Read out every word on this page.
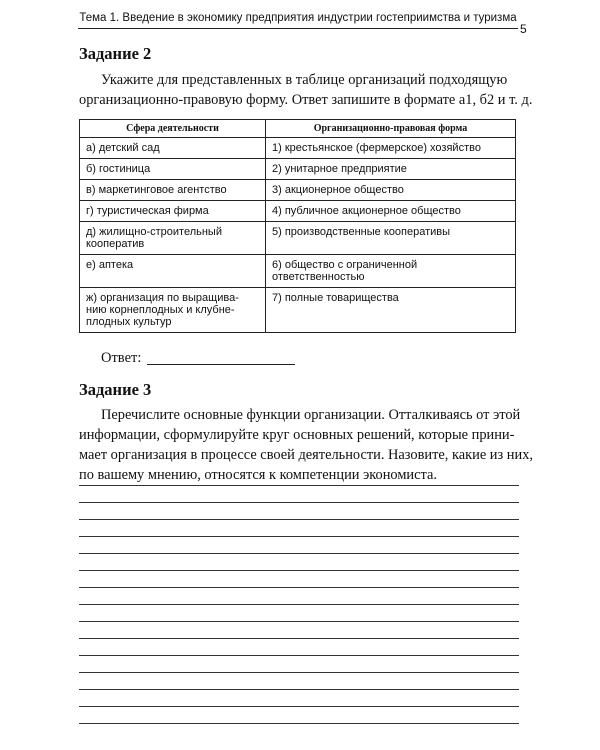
Тема 1. Введение в экономику предприятия индустрии гостеприимства и туризма
5
Задание 2
Укажите для представленных в таблице организаций подходящую
организационно-правовую форму. Ответ запишите в формате а1, б2 и т. д.
Сфера деятельности	Организационно-правовая форма

а) детский сад	1) крестьянское (фермерское) хозяйство

б) гостиница	2) унитарное предприятие

в) маркетинговое агентство	3) акционерное общество

г) туристическая фирма	4) публичное акционерное общество

д) жилищно-строительный
кооператив	5) производственные кооперативы

е) аптека	6) общество с ограниченной ответственностью

ж) организация по выращива-
нию корнеплодных и клубне-
плодных культур	7) полные товарищества
Ответ:
Задание 3
Перечислите основные функции организации. Отталкиваясь от этой
информации, сформулируйте круг основных решений, которые прини-
мает организация в процессе своей деятельности. Назовите, какие из них,
по вашему мнению, относятся к компетенции экономиста.
